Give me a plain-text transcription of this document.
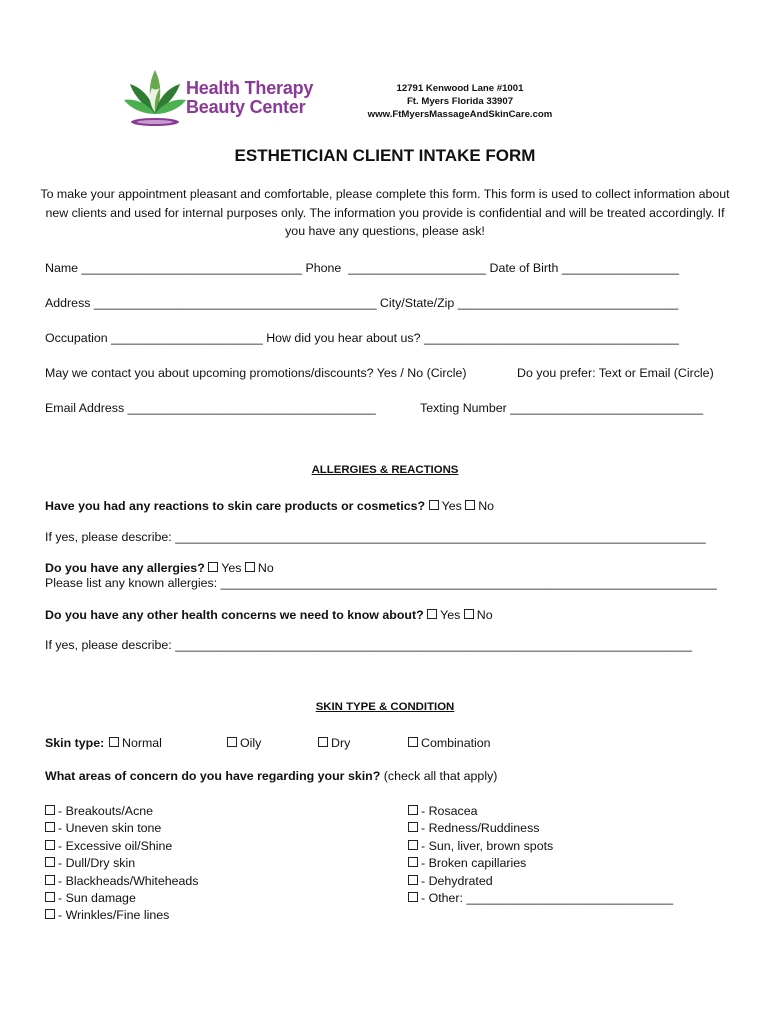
Health Therapy
Beauty Center
12791 Kenwood Lane #1001
Ft. Myers Florida 33907
www.FtMyersMassageAndSkinCare.com
ESTHETICIAN CLIENT INTAKE FORM
To make your appointment pleasant and comfortable, please complete this form. This form is used to collect information about new clients and used for internal purposes only. The information you provide is confidential and will be treated accordingly. If you have any questions, please ask!
Name ________________________________ Phone ____________________ Date of Birth _________________
Address _________________________________________ City/State/Zip ________________________________
Occupation ______________________ How did you hear about us? _____________________________________
May we contact you about upcoming promotions/discounts? Yes / No (Circle)	Do you prefer: Text or Email (Circle)
Email Address ____________________________________	Texting Number ____________________________
ALLERGIES & REACTIONS
Have you had any reactions to skin care products or cosmetics? Yes No
If yes, please describe: _____________________________________________________________________________
Do you have any allergies? Yes No
Please list any known allergies: ________________________________________________________________________
Do you have any other health concerns we need to know about? Yes No
If yes, please describe: ___________________________________________________________________________
SKIN TYPE & CONDITION
Skin type:	Normal	Oily	Dry	Combination
What areas of concern do you have regarding your skin? (check all that apply)
- Breakouts/Acne
- Uneven skin tone
- Excessive oil/Shine
- Dull/Dry skin
- Blackheads/Whiteheads
- Sun damage
- Wrinkles/Fine lines
- Rosacea
- Redness/Ruddiness
- Sun, liver, brown spots
- Broken capillaries
- Dehydrated
- Other: ______________________________
